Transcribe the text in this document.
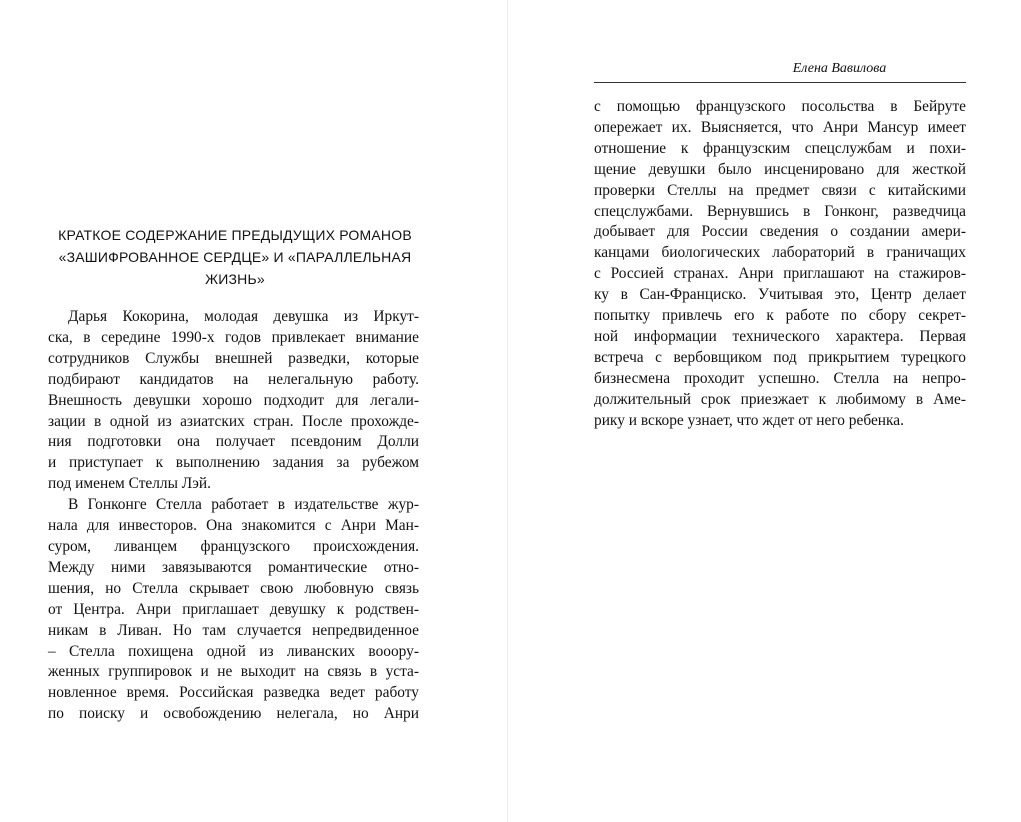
КРАТКОЕ СОДЕРЖАНИЕ ПРЕДЫДУЩИХ РОМАНОВ
«ЗАШИФРОВАННОЕ СЕРДЦЕ» И «ПАРАЛЛЕЛЬНАЯ
ЖИЗНЬ»

Дарья Кокорина, молодая девушка из Иркут-
ска, в середине 1990-х годов привлекает внимание
сотрудников Службы внешней разведки, которые
подбирают кандидатов на нелегальную работу.
Внешность девушки хорошо подходит для легали-
зации в одной из азиатских стран. После прохожде-
ния подготовки она получает псевдоним Долли
и приступает к выполнению задания за рубежом
под именем Стеллы Лэй.

В Гонконге Стелла работает в издательстве жур-
нала для инвесторов. Она знакомится с Анри Ман-
суром, ливанцем французского происхождения.
Между ними завязываются романтические отно-
шения, но Стелла скрывает свою любовную связь
от Центра. Анри приглашает девушку к родствен-
никам в Ливан. Но там случается непредвиденное
– Стелла похищена одной из ливанских вооору-
женных группировок и не выходит на связь в уста-
новленное время. Российская разведка ведет работу
по поиску и освобождению нелегала, но Анри

Елена Вавилова

с помощью французского посольства в Бейруте
опережает их. Выясняется, что Анри Мансур имеет
отношение к французским спецслужбам и похи-
щение девушки было инсценировано для жесткой
проверки Стеллы на предмет связи с китайскими
спецслужбами. Вернувшись в Гонконг, разведчица
добывает для России сведения о создании амери-
канцами биологических лабораторий в граничащих
с Россией странах. Анри приглашают на стажиров-
ку в Сан-Франциско. Учитывая это, Центр делает
попытку привлечь его к работе по сбору секрет-
ной информации технического характера. Первая
встреча с вербовщиком под прикрытием турецкого
бизнесмена проходит успешно. Стелла на непро-
должительный срок приезжает к любимому в Аме-
рику и вскоре узнает, что ждет от него ребенка.
